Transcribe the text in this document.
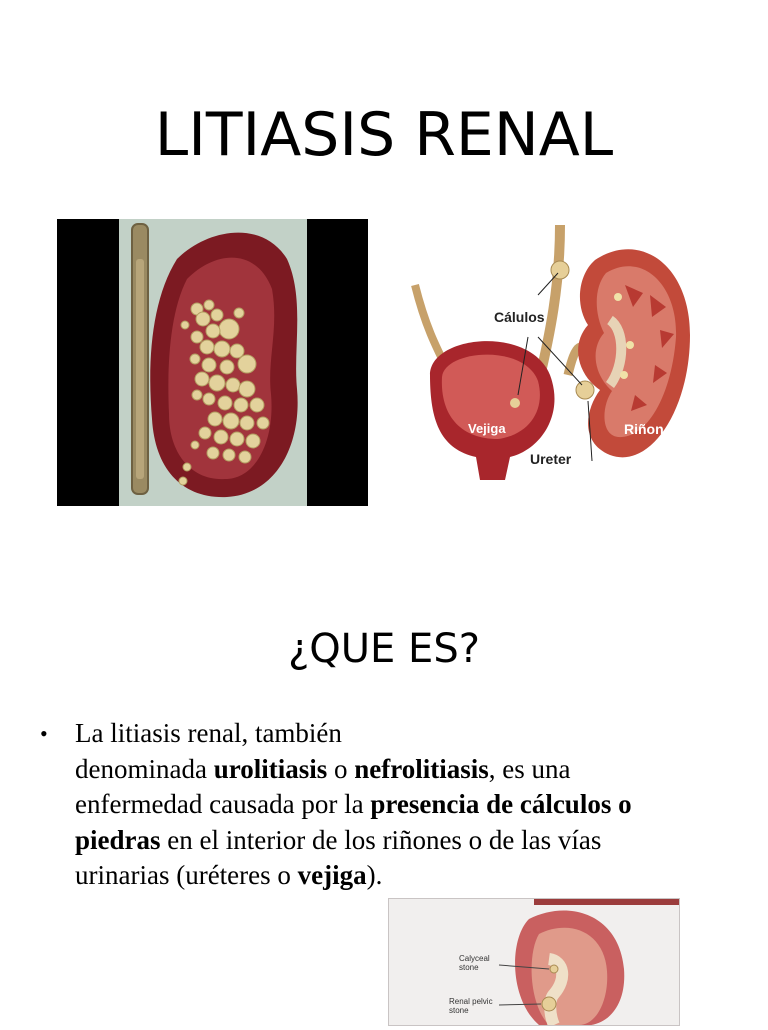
LITIASIS RENAL
Cálulos
Vejiga
Ureter
Riñon
¿QUE ES?
• La litiasis renal, también
denominada urolitiasis o nefrolitiasis, es una
enfermedad causada por la presencia de cálculos o
piedras en el interior de los riñones o de las vías
urinarias (uréteres o vejiga).
Calyceal
stone
Renal pelvic
stone
